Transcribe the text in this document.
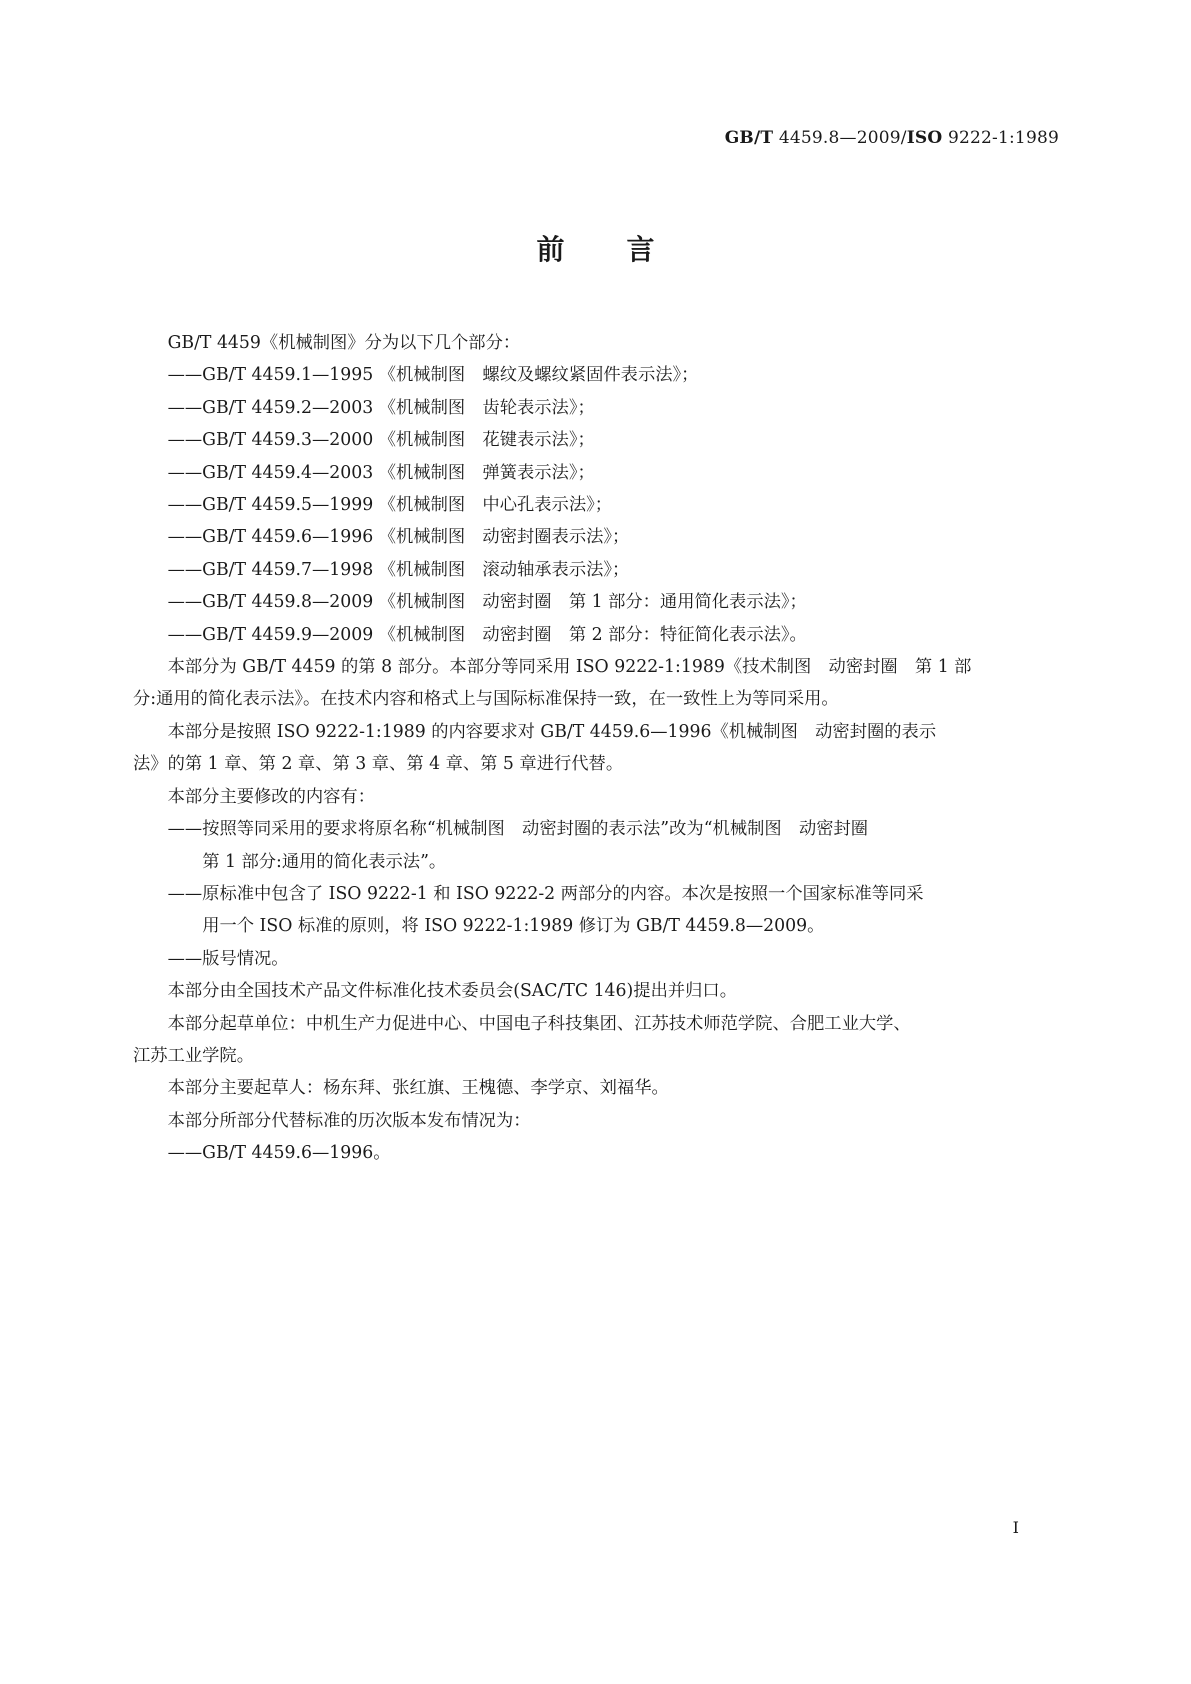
GB/T 4459.8—2009/ISO 9222-1:1989
前言

GB/T 4459《机械制图》分为以下几个部分：

——GB/T 4459.1—1995 《机械制图　螺纹及螺纹紧固件表示法》；

——GB/T 4459.2—2003 《机械制图　齿轮表示法》；

——GB/T 4459.3—2000 《机械制图　花键表示法》；

——GB/T 4459.4—2003 《机械制图　弹簧表示法》；

——GB/T 4459.5—1999 《机械制图　中心孔表示法》；

——GB/T 4459.6—1996 《机械制图　动密封圈表示法》；

——GB/T 4459.7—1998 《机械制图　滚动轴承表示法》；

——GB/T 4459.8—2009 《机械制图　动密封圈　第 1 部分：通用简化表示法》；

——GB/T 4459.9—2009 《机械制图　动密封圈　第 2 部分：特征简化表示法》。

本部分为 GB/T 4459 的第 8 部分。本部分等同采用 ISO 9222-1:1989《技术制图　动密封圈　第 1 部

分:通用的简化表示法》。在技术内容和格式上与国际标准保持一致，在一致性上为等同采用。

本部分是按照 ISO 9222-1:1989 的内容要求对 GB/T 4459.6—1996《机械制图　动密封圈的表示

法》的第 1 章、第 2 章、第 3 章、第 4 章、第 5 章进行代替。

本部分主要修改的内容有：

——按照等同采用的要求将原名称“机械制图　动密封圈的表示法”改为“机械制图　动密封圈

第 1 部分:通用的简化表示法”。

——原标准中包含了 ISO 9222-1 和 ISO 9222-2 两部分的内容。本次是按照一个国家标准等同采

用一个 ISO 标准的原则，将 ISO 9222-1:1989 修订为 GB/T 4459.8—2009。

——版号情况。

本部分由全国技术产品文件标准化技术委员会(SAC/TC 146)提出并归口。

本部分起草单位：中机生产力促进中心、中国电子科技集团、江苏技术师范学院、合肥工业大学、

江苏工业学院。

本部分主要起草人：杨东拜、张红旗、王槐德、李学京、刘福华。

本部分所部分代替标准的历次版本发布情况为：

——GB/T 4459.6—1996。

I
